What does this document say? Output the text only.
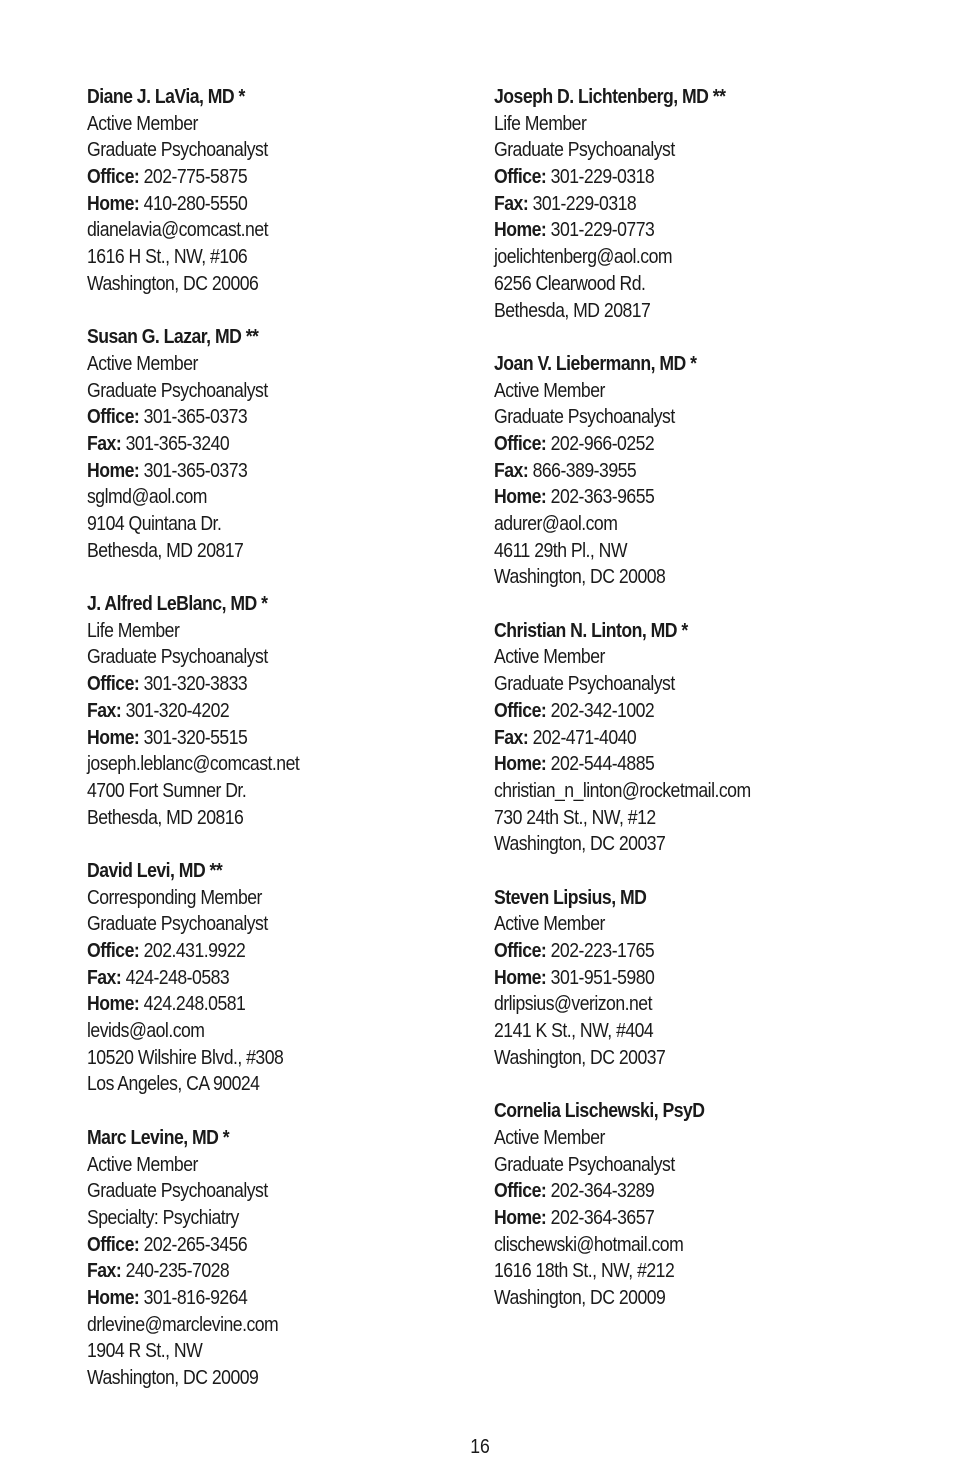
Diane J. LaVia, MD *
Active Member
Graduate Psychoanalyst
Office: 202-775-5875
Home: 410-280-5550
dianelavia@comcast.net
1616 H St., NW, #106
Washington, DC 20006
Susan G. Lazar, MD **
Active Member
Graduate Psychoanalyst
Office: 301-365-0373
Fax: 301-365-3240
Home: 301-365-0373
sglmd@aol.com
9104 Quintana Dr.
Bethesda, MD 20817
J. Alfred LeBlanc, MD *
Life Member
Graduate Psychoanalyst
Office: 301-320-3833
Fax: 301-320-4202
Home: 301-320-5515
joseph.leblanc@comcast.net
4700 Fort Sumner Dr.
Bethesda, MD 20816
David Levi, MD **
Corresponding Member
Graduate Psychoanalyst
Office: 202.431.9922
Fax: 424-248-0583
Home: 424.248.0581
levids@aol.com
10520 Wilshire Blvd., #308
Los Angeles, CA 90024
Marc Levine, MD *
Active Member
Graduate Psychoanalyst
Specialty: Psychiatry
Office: 202-265-3456
Fax: 240-235-7028
Home: 301-816-9264
drlevine@marclevine.com
1904 R St., NW
Washington, DC 20009
Joseph D. Lichtenberg, MD **
Life Member
Graduate Psychoanalyst
Office: 301-229-0318
Fax: 301-229-0318
Home: 301-229-0773
joelichtenberg@aol.com
6256 Clearwood Rd.
Bethesda, MD 20817
Joan V. Liebermann, MD *
Active Member
Graduate Psychoanalyst
Office: 202-966-0252
Fax: 866-389-3955
Home: 202-363-9655
adurer@aol.com
4611 29th Pl., NW
Washington, DC 20008
Christian N. Linton, MD *
Active Member
Graduate Psychoanalyst
Office: 202-342-1002
Fax: 202-471-4040
Home: 202-544-4885
christian_n_linton@rocketmail.com
730 24th St., NW, #12
Washington, DC 20037
Steven Lipsius, MD
Active Member
Office: 202-223-1765
Home: 301-951-5980
drlipsius@verizon.net
2141 K St., NW, #404
Washington, DC 20037
Cornelia Lischewski, PsyD
Active Member
Graduate Psychoanalyst
Office: 202-364-3289
Home: 202-364-3657
clischewski@hotmail.com
1616 18th St., NW, #212
Washington, DC 20009
16
